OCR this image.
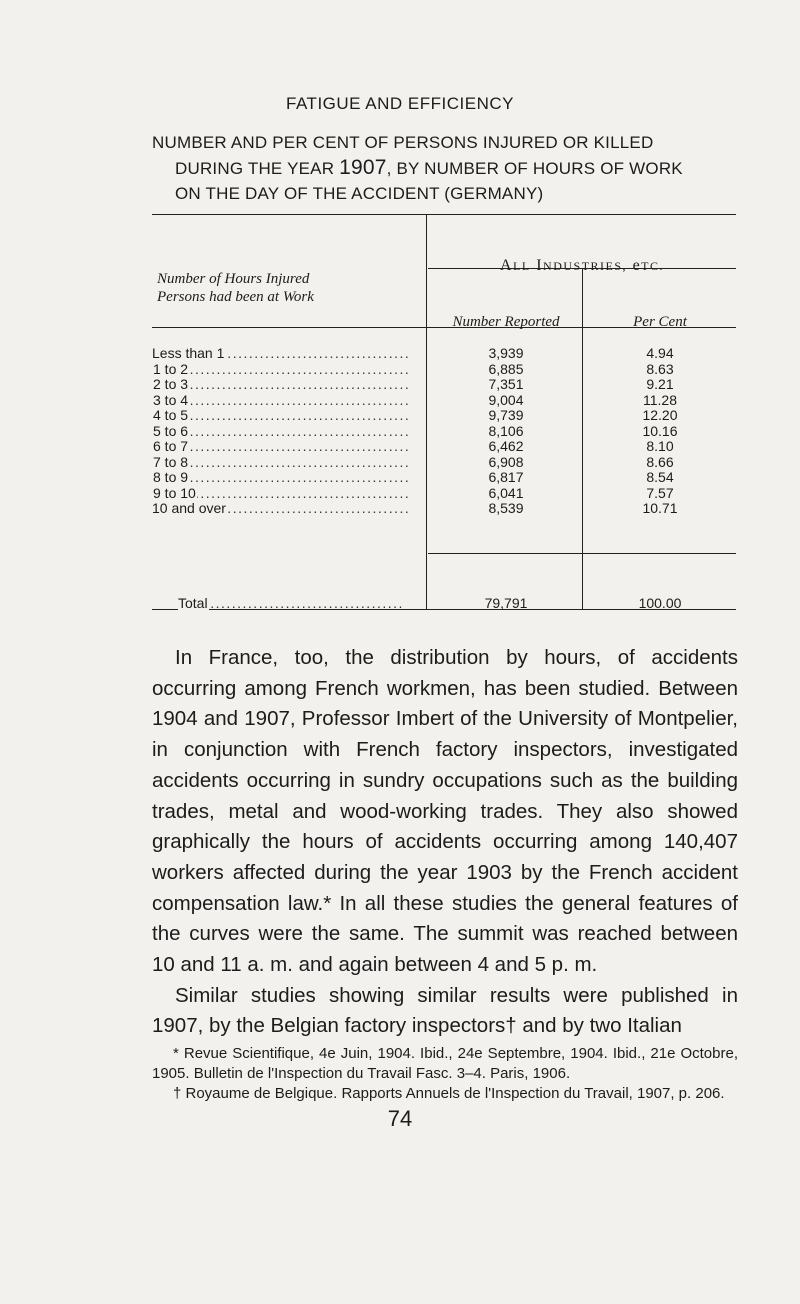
FATIGUE AND EFFICIENCY
NUMBER AND PER CENT OF PERSONS INJURED OR KILLED
DURING THE YEAR 1907, BY NUMBER OF HOURS OF WORK
ON THE DAY OF THE ACCIDENT (GERMANY)
Number of Hours Injured
Persons had been at Work
ALL INDUSTRIES, eTC.
Number Reported	Per Cent
Less than 1 . . .	3,939	4.94
1 to 2 . . .	6,885	8.63
2 to 3 . . .	7,351	9.21
3 to 4 . . .	9,004	11.28
4 to 5 . . .	9,739	12.20
5 to 6 . . .	8,106	10.16
6 to 7 . . .	6,462	8.10
7 to 8 . . .	6,908	8.66
8 to 9 . . .	6,817	8.54
9 to 10 . . .	6,041	7.57
10 and over . . .	8,539	10.71
Total . . .	79,791	100.00

In France, too, the distribution by hours, of accidents occurring among French workmen, has been studied. Between 1904 and 1907, Professor Imbert of the University of Montpelier, in conjunction with French factory inspectors, investigated accidents occurring in sundry occupations such as the building trades, metal and wood-working trades. They also showed graphically the hours of accidents occurring among 140,407 workers affected during the year 1903 by the French accident compensation law.* In all these studies the general features of the curves were the same. The summit was reached between 10 and 11 a. m. and again between 4 and 5 p. m.

Similar studies showing similar results were published in 1907, by the Belgian factory inspectors† and by two Italian

* Revue Scientifique, 4e Juin, 1904. Ibid., 24e Septembre, 1904. Ibid., 21e Octobre, 1905. Bulletin de l'Inspection du Travail Fasc. 3–4. Paris, 1906.

† Royaume de Belgique. Rapports Annuels de l'Inspection du Travail, 1907, p. 206.

74
